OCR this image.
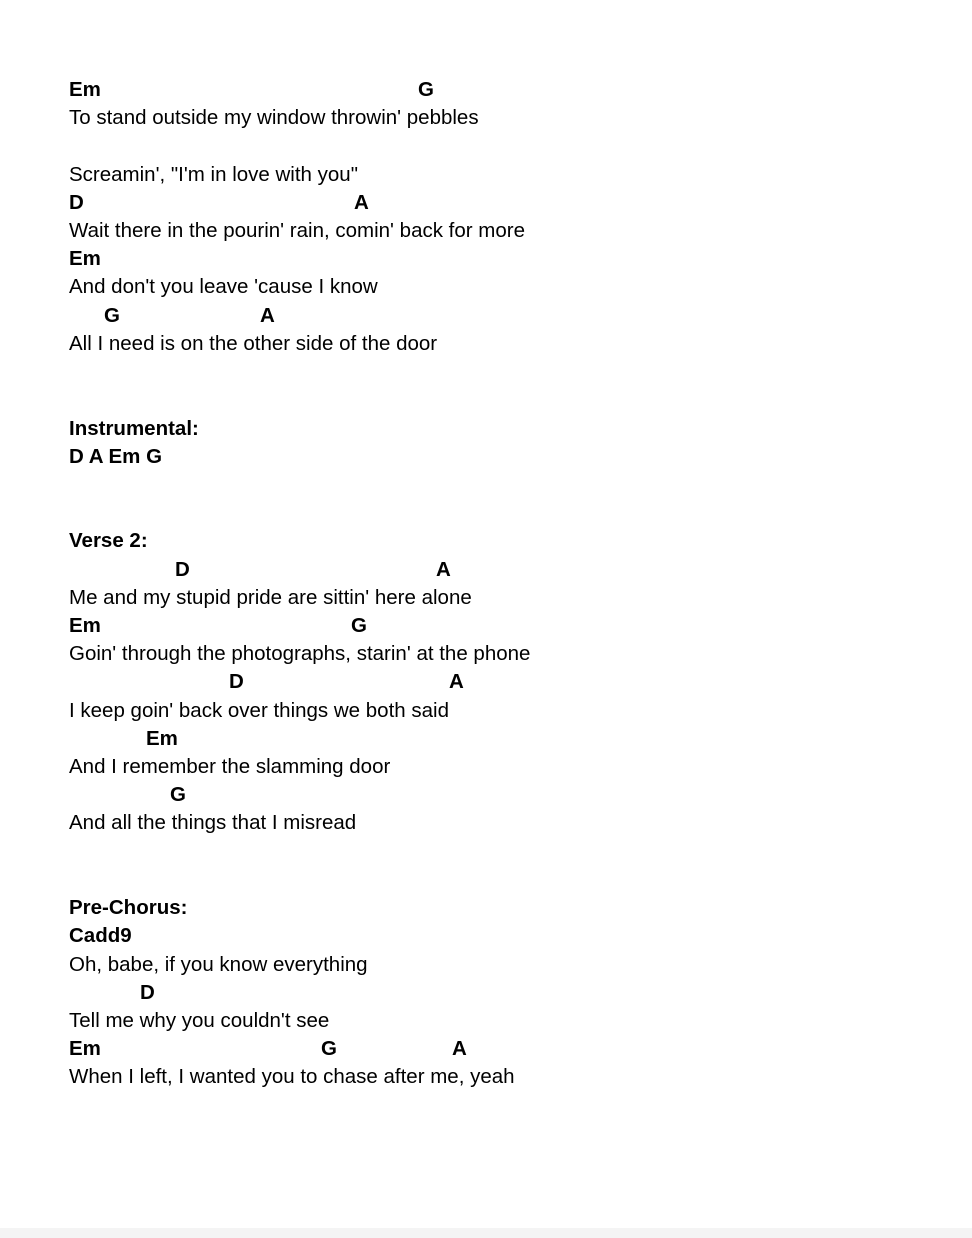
Em	G
To stand outside my window throwin' pebbles
Screamin', "I'm in love with you"
D	A
Wait there in the pourin' rain, comin' back for more
Em
And don't you leave 'cause I know
G	A
All I need is on the other side of the door
Instrumental:
D A Em G
Verse 2:
D	A
Me and my stupid pride are sittin' here alone
Em	G
Goin' through the photographs, starin' at the phone
D	A
I keep goin' back over things we both said
Em
And I remember the slamming door
G
And all the things that I misread
Pre-Chorus:
Cadd9
Oh, babe, if you know everything
D
Tell me why you couldn't see
Em	G	A
When I left, I wanted you to chase after me, yeah
